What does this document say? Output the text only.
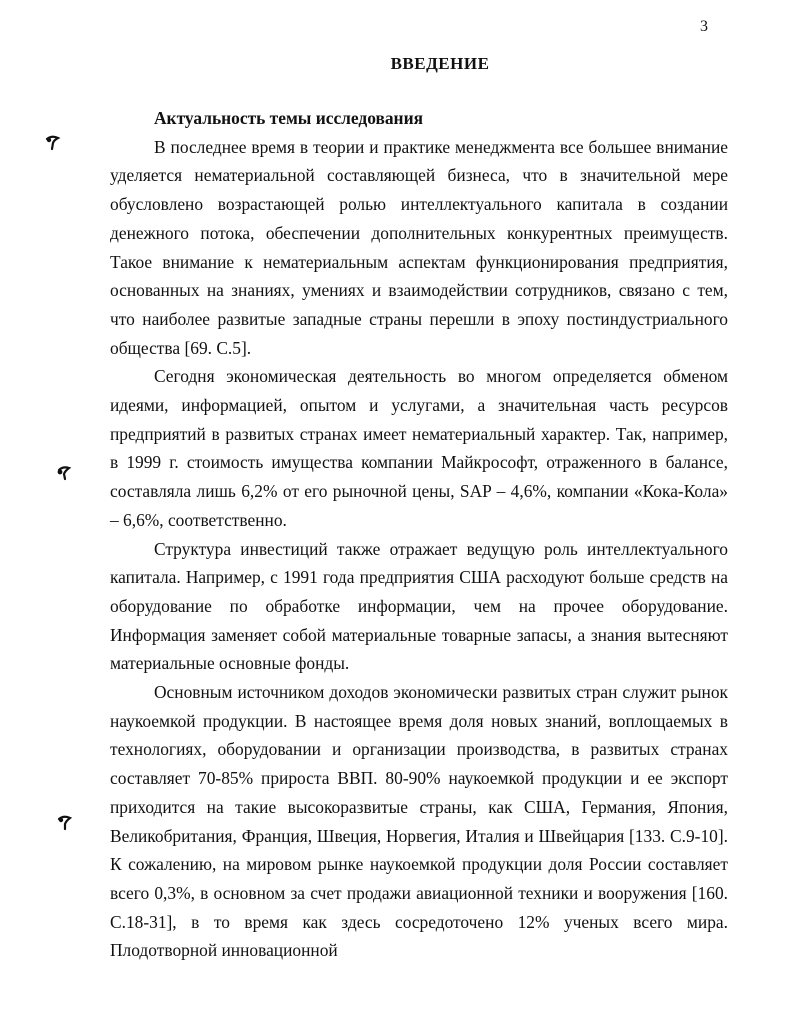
3
ВВЕДЕНИЕ

Актуальность темы исследования

В последнее время в теории и практике менеджмента все большее внимание уделяется нематериальной составляющей бизнеса, что в значительной мере обусловлено возрастающей ролью интеллектуального капитала в создании денежного потока, обеспечении дополнительных конкурентных преимуществ. Такое внимание к нематериальным аспектам функционирования предприятия, основанных на знаниях, умениях и взаимодействии сотрудников, связано с тем, что наиболее развитые западные страны перешли в эпоху постиндустриального общества [69. С.5].

Сегодня экономическая деятельность во многом определяется обменом идеями, информацией, опытом и услугами, а значительная часть ресурсов предприятий в развитых странах имеет нематериальный характер. Так, например, в 1999 г. стоимость имущества компании Майкрософт, отраженного в балансе, составляла лишь 6,2% от его рыночной цены, SAP – 4,6%, компании «Кока-Кола» – 6,6%, соответственно.

Структура инвестиций также отражает ведущую роль интеллектуального капитала. Например, с 1991 года предприятия США расходуют больше средств на оборудование по обработке информации, чем на прочее оборудование. Информация заменяет собой материальные товарные запасы, а знания вытесняют материальные основные фонды.

Основным источником доходов экономически развитых стран служит рынок наукоемкой продукции. В настоящее время доля новых знаний, воплощаемых в технологиях, оборудовании и организации производства, в развитых странах составляет 70-85% прироста ВВП. 80-90% наукоемкой продукции и ее экспорт приходится на такие высокоразвитые страны, как США, Германия, Япония, Великобритания, Франция, Швеция, Норвегия, Италия и Швейцария [133. С.9-10]. К сожалению, на мировом рынке наукоемкой продукции доля России составляет всего 0,3%, в основном за счет продажи авиационной техники и вооружения [160. С.18-31], в то время как здесь сосредоточено 12% ученых всего мира. Плодотворной инновационной
